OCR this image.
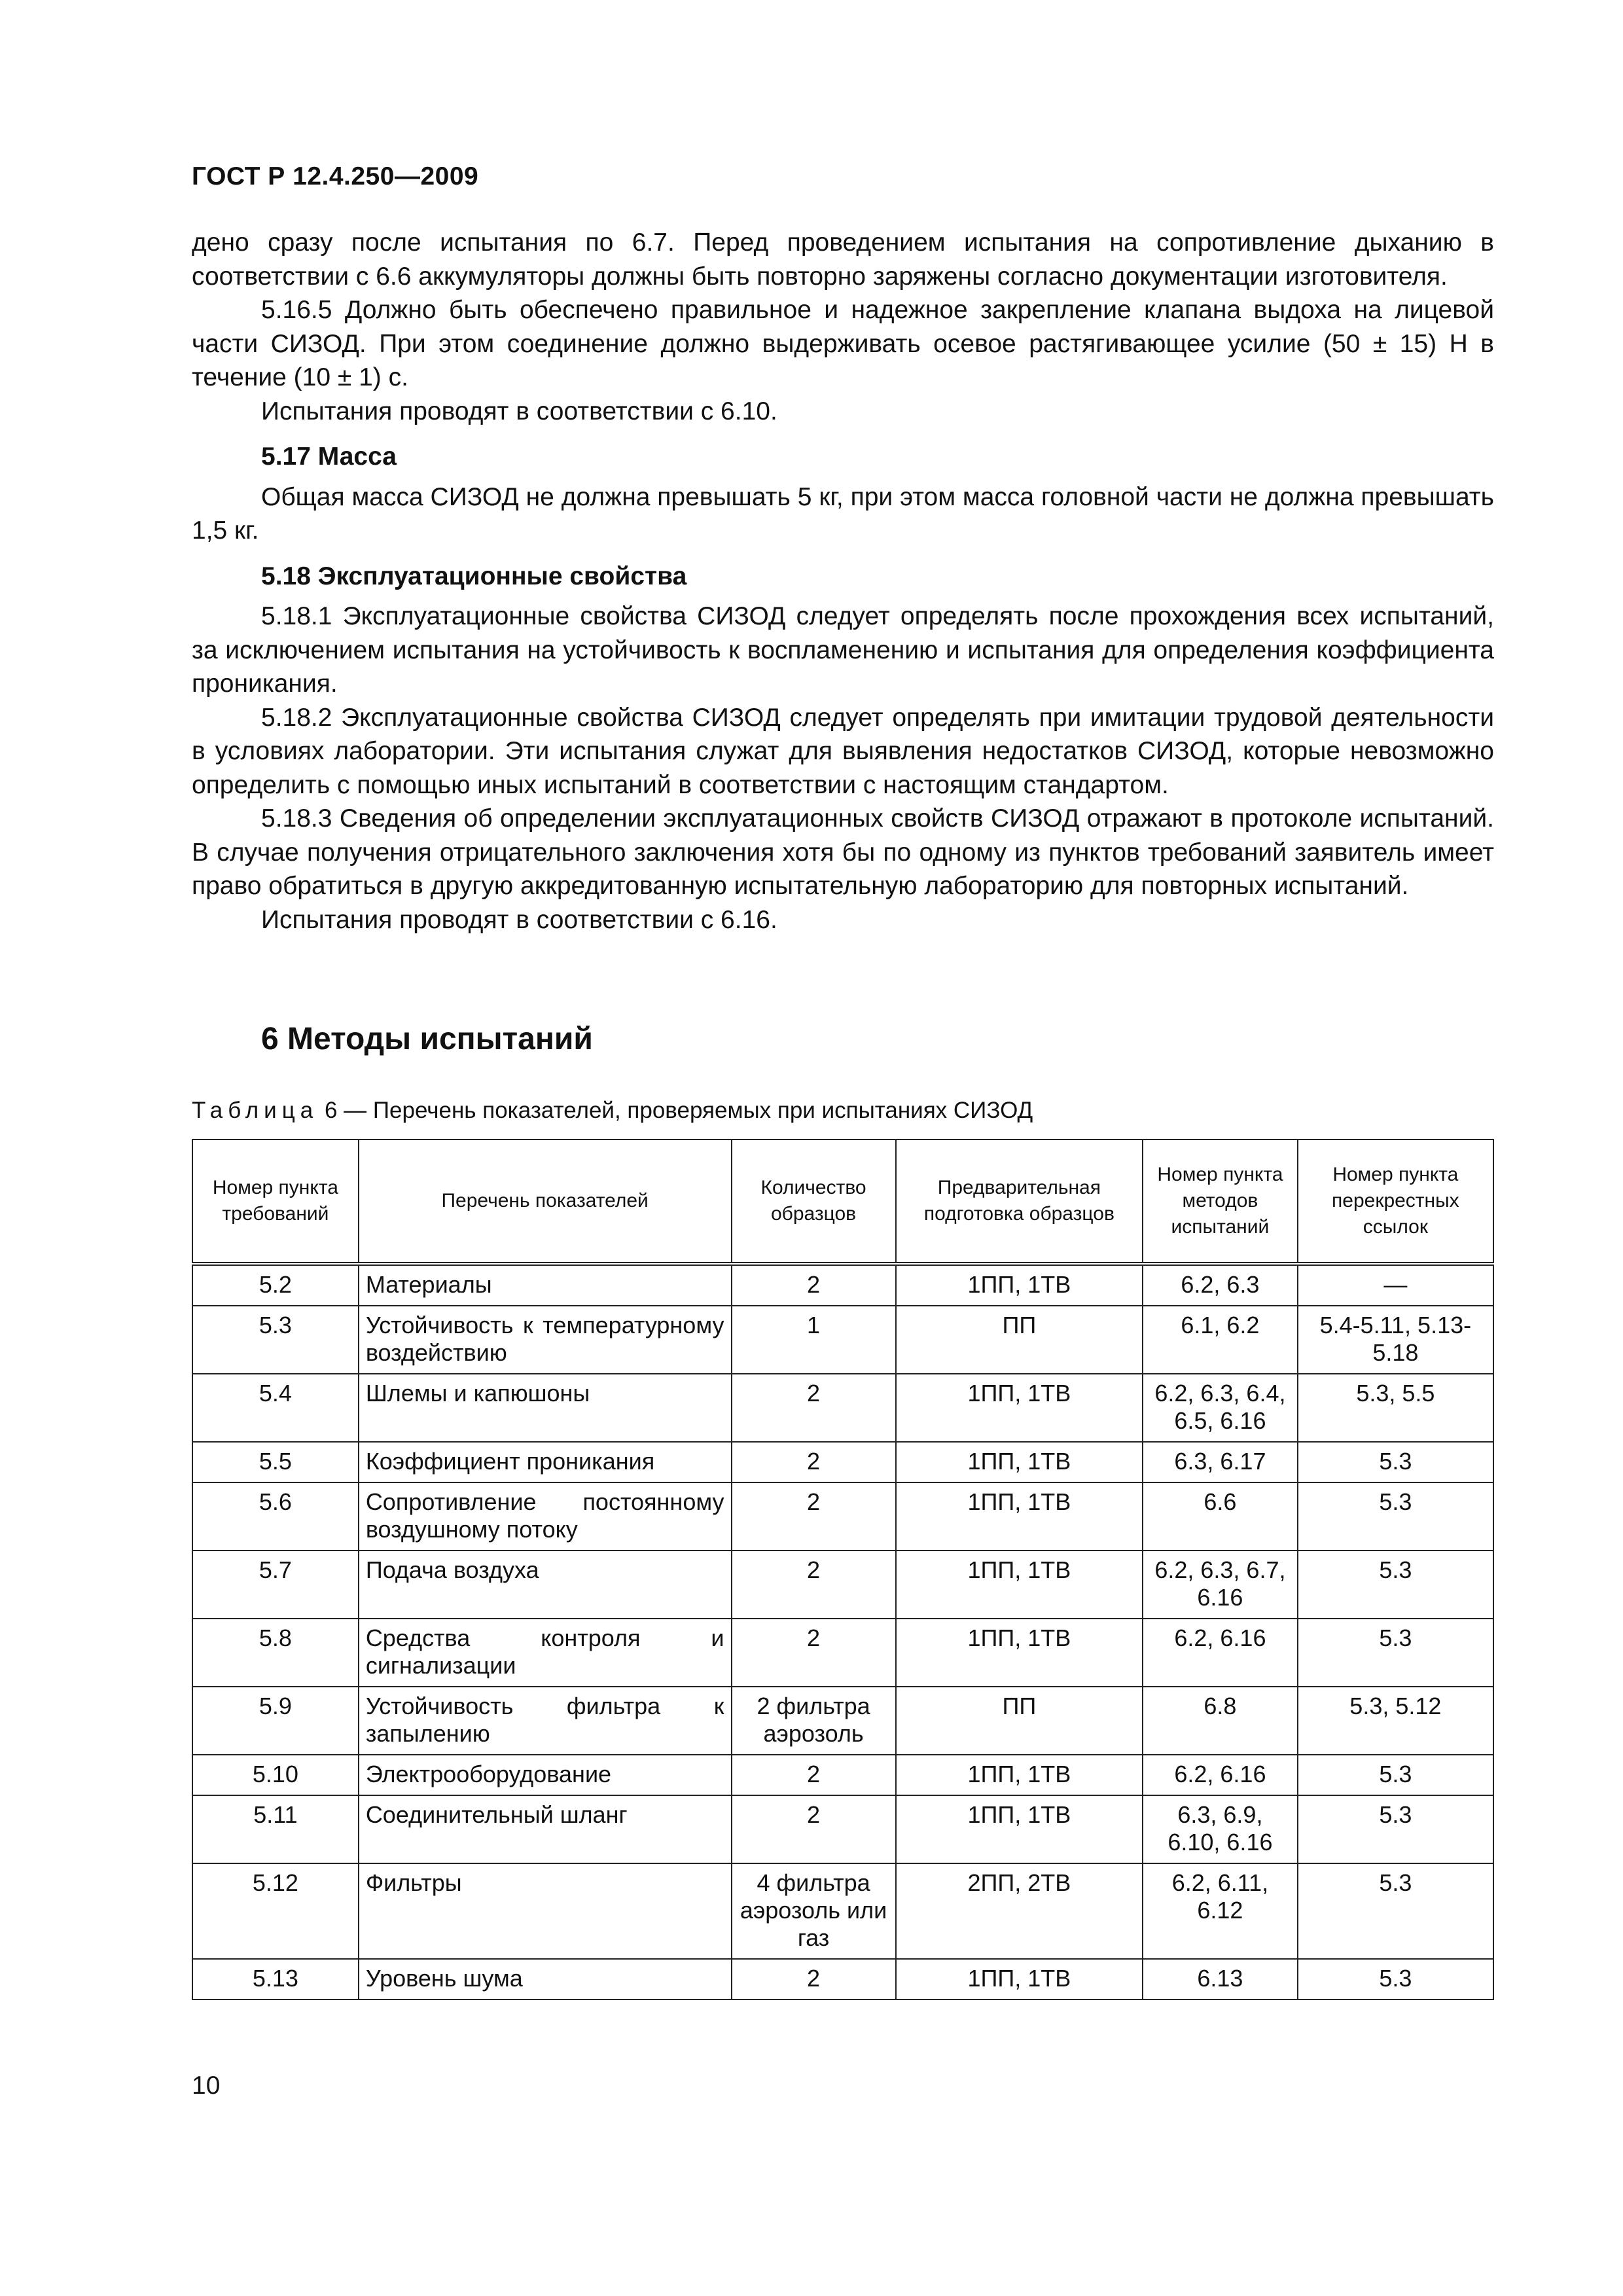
ГОСТ Р 12.4.250—2009

дено сразу после испытания по 6.7. Перед проведением испытания на сопротивление дыханию в соответствии с 6.6 аккумуляторы должны быть повторно заряжены согласно документации изготовителя.

5.16.5 Должно быть обеспечено правильное и надежное закрепление клапана выдоха на лицевой части СИЗОД. При этом соединение должно выдерживать осевое растягивающее усилие (50 ± 15) Н в течение (10 ± 1) с.

Испытания проводят в соответствии с 6.10.

5.17 Масса

Общая масса СИЗОД не должна превышать 5 кг, при этом масса головной части не должна превышать 1,5 кг.

5.18 Эксплуатационные свойства

5.18.1 Эксплуатационные свойства СИЗОД следует определять после прохождения всех испытаний, за исключением испытания на устойчивость к воспламенению и испытания для определения коэффициента проникания.

5.18.2 Эксплуатационные свойства СИЗОД следует определять при имитации трудовой деятельности в условиях лаборатории. Эти испытания служат для выявления недостатков СИЗОД, которые невозможно определить с помощью иных испытаний в соответствии с настоящим стандартом.

5.18.3 Сведения об определении эксплуатационных свойств СИЗОД отражают в протоколе испытаний. В случае получения отрицательного заключения хотя бы по одному из пунктов требований заявитель имеет право обратиться в другую аккредитованную испытательную лабораторию для повторных испытаний.

Испытания проводят в соответствии с 6.16.

6 Методы испытаний
Таблица 6 — Перечень показателей, проверяемых при испытаниях СИЗОД
Номер пункта требований	Перечень показателей	Количество образцов	Предварительная подготовка образцов	Номер пункта методов испытаний	Номер пункта перекрестных ссылок
5.2	Материалы	2	1ПП, 1ТВ	6.2, 6.3	—
5.3	Устойчивость к температурному воздействию	1	ПП	6.1, 6.2	5.4-5.11, 5.13-5.18
5.4	Шлемы и капюшоны	2	1ПП, 1ТВ	6.2, 6.3, 6.4, 6.5, 6.16	5.3, 5.5
5.5	Коэффициент проникания	2	1ПП, 1ТВ	6.3, 6.17	5.3
5.6	Сопротивление постоянному воздушному потоку	2	1ПП, 1ТВ	6.6	5.3
5.7	Подача воздуха	2	1ПП, 1ТВ	6.2, 6.3, 6.7, 6.16	5.3
5.8	Средства контроля и сигнализации	2	1ПП, 1ТВ	6.2, 6.16	5.3
5.9	Устойчивость фильтра к запылению	2 фильтра аэрозоль	ПП	6.8	5.3, 5.12
5.10	Электрооборудование	2	1ПП, 1ТВ	6.2, 6.16	5.3
5.11	Соединительный шланг	2	1ПП, 1ТВ	6.3, 6.9, 6.10, 6.16	5.3
5.12	Фильтры	4 фильтра аэрозоль или газ	2ПП, 2ТВ	6.2, 6.11, 6.12	5.3
5.13	Уровень шума	2	1ПП, 1ТВ	6.13	5.3
10
